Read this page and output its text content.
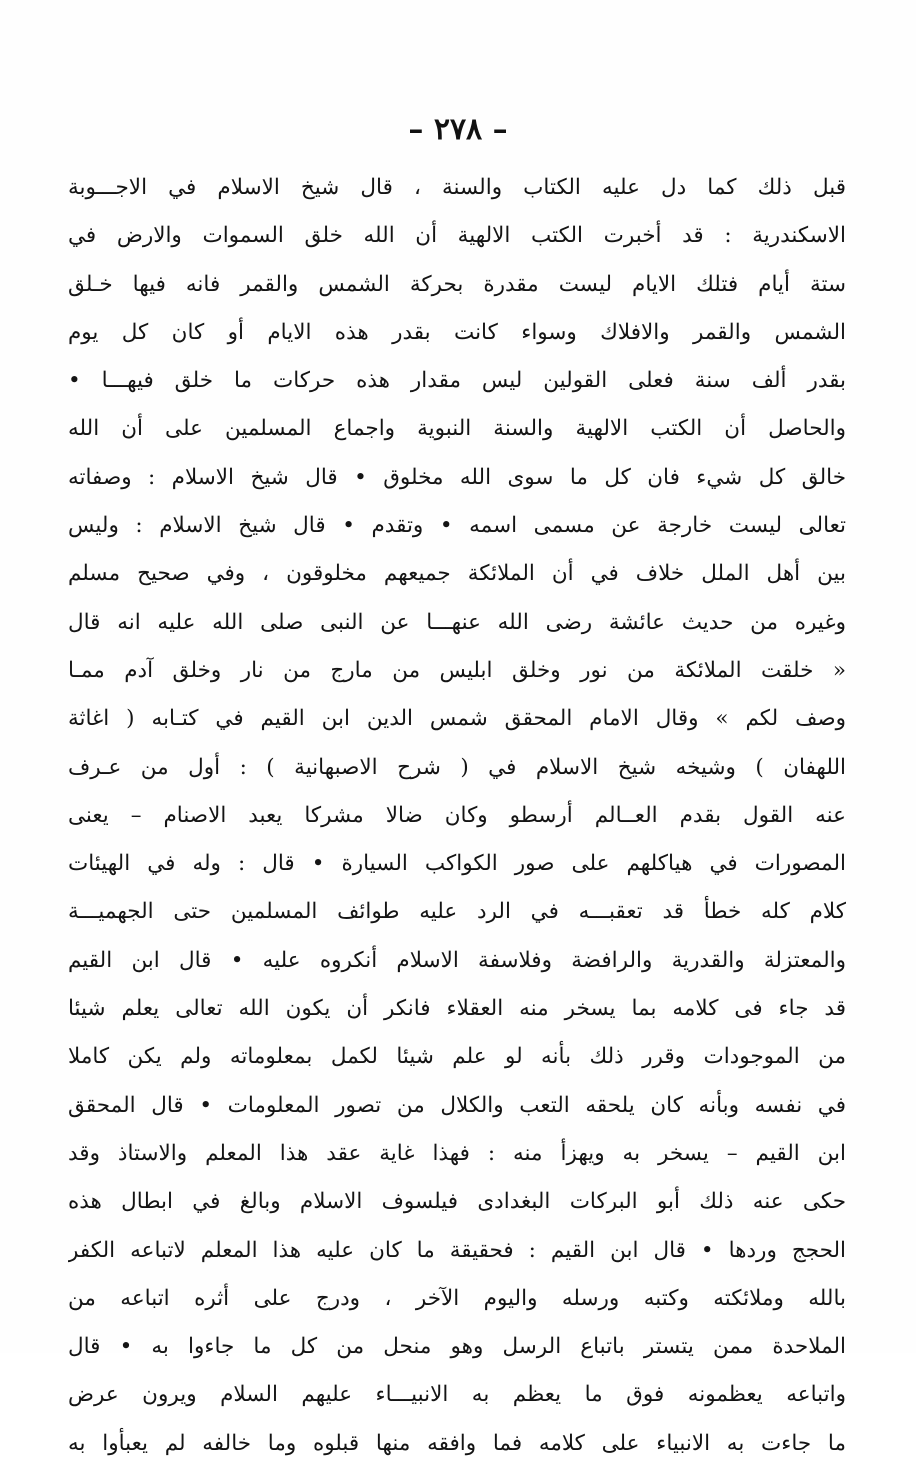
– ٢٧٨ –
قبل ذلك كما دل عليه الكتاب والسنة ، قال شيخ الاسلام في الاجـــوبة
الاسكندرية : قد أخبرت الكتب الالهية أن الله خلق السموات والارض في
ستة أيام فتلك الايام ليست مقدرة بحركة الشمس والقمر فانه فيها خـلق
الشمس والقمر والافلاك وسواء كانت بقدر هذه الايام أو كان كل يوم
بقدر ألف سنة فعلى القولين ليس مقدار هذه حركات ما خلق فيهـــا •
والحاصل أن الكتب الالهية والسنة النبوية واجماع المسلمين على أن الله
خالق كل شيء فان كل ما سوى الله مخلوق • قال شيخ الاسلام : وصفاته
تعالى ليست خارجة عن مسمى اسمه • وتقدم • قال شيخ الاسلام : وليس
بين أهل الملل خلاف في أن الملائكة جميعهم مخلوقون ، وفي صحيح مسلم
وغيره من حديث عائشة رضى الله عنهـــا عن النبى صلى الله عليه انه قال
« خلقت الملائكة من نور وخلق ابليس من مارج من نار وخلق آدم ممـا
وصف لكم » وقال الامام المحقق شمس الدين ابن القيم في كتـابه ( اغاثة
اللهفان ) وشيخه شيخ الاسلام في ( شرح الاصبهانية ) : أول من عـرف
عنه القول بقدم العــالم أرسطو وكان ضالا مشركا يعبد الاصنام – يعنى
المصورات في هياكلهم على صور الكواكب السيارة • قال : وله في الهيئات
كلام كله خطأ قد تعقبـــه في الرد عليه طوائف المسلمين حتى الجهميـــة
والمعتزلة والقدرية والرافضة وفلاسفة الاسلام أنكروه عليه • قال ابن القيم
قد جاء فى كلامه بما يسخر منه العقلاء فانكر أن يكون الله تعالى يعلم شيئا
من الموجودات وقرر ذلك بأنه لو علم شيئا لكمل بمعلوماته ولم يكن كاملا
في نفسه وبأنه كان يلحقه التعب والكلال من تصور المعلومات • قال المحقق
ابن القيم – يسخر به ويهزأ منه : فهذا غاية عقد هذا المعلم والاستاذ وقد
حكى عنه ذلك أبو البركات البغدادى فيلسوف الاسلام وبالغ في ابطال هذه
الحجج وردها • قال ابن القيم : فحقيقة ما كان عليه هذا المعلم لاتباعه الكفر
بالله وملائكته وكتبه ورسله واليوم الآخر ، ودرج على أثره اتباعه من
الملاحدة ممن يتستر باتباع الرسل وهو منحل من كل ما جاءوا به • قال
واتباعه يعظمونه فوق ما يعظم به الانبيـــاء عليهم السلام ويرون عرض
ما جاءت به الانبياء على كلامه فما وافقه منها قبلوه وما خالفه لم يعبأوا به
